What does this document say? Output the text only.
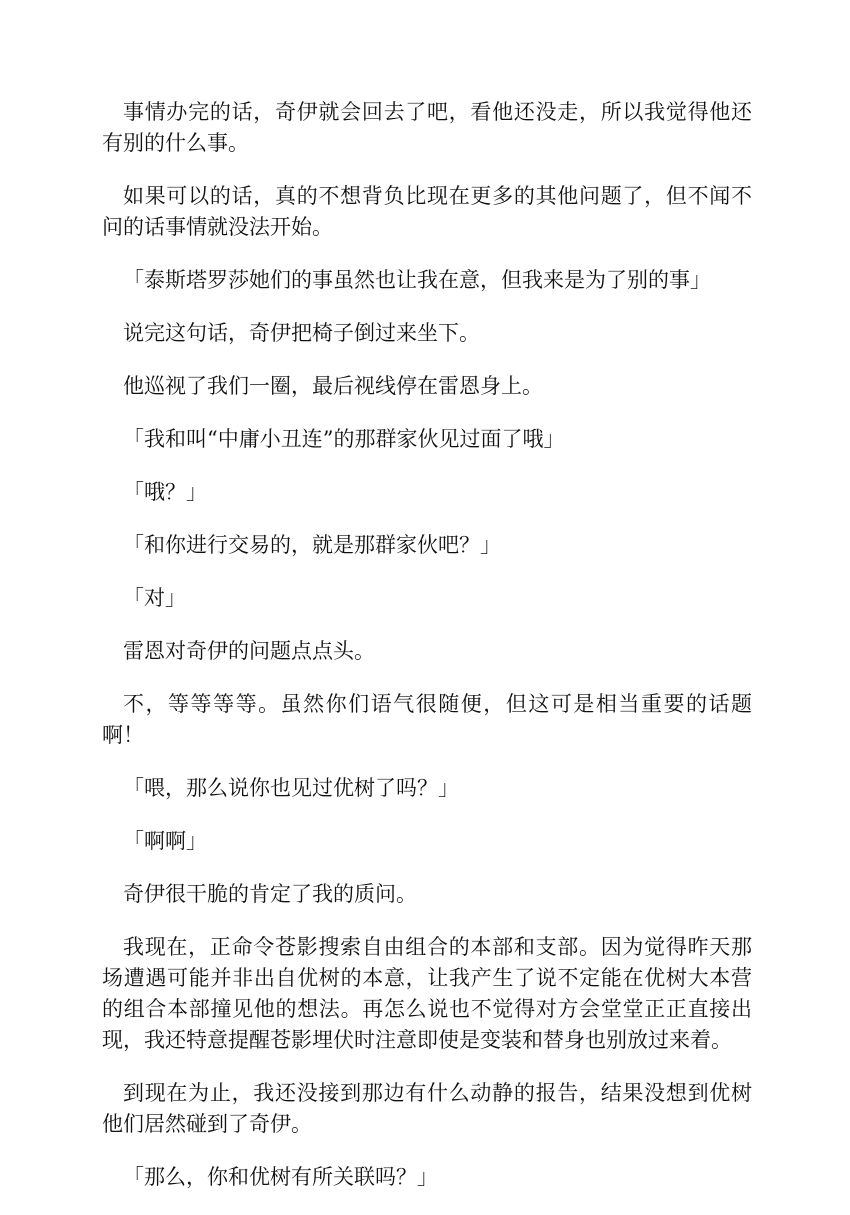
事情办完的话，奇伊就会回去了吧，看他还没走，所以我觉得他还有别的什么事。

如果可以的话，真的不想背负比现在更多的其他问题了，但不闻不问的话事情就没法开始。

「泰斯塔罗莎她们的事虽然也让我在意，但我来是为了别的事」

说完这句话，奇伊把椅子倒过来坐下。

他巡视了我们一圈，最后视线停在雷恩身上。

「我和叫“中庸小丑连”的那群家伙见过面了哦」

「哦？」

「和你进行交易的，就是那群家伙吧？」

「对」

雷恩对奇伊的问题点点头。

不，等等等等。虽然你们语气很随便，但这可是相当重要的话题啊！

「喂，那么说你也见过优树了吗？」

「啊啊」

奇伊很干脆的肯定了我的质问。

我现在，正命令苍影搜索自由组合的本部和支部。因为觉得昨天那场遭遇可能并非出自优树的本意，让我产生了说不定能在优树大本营的组合本部撞见他的想法。再怎么说也不觉得对方会堂堂正正直接出现，我还特意提醒苍影埋伏时注意即使是变装和替身也别放过来着。

到现在为止，我还没接到那边有什么动静的报告，结果没想到优树他们居然碰到了奇伊。

「那么，你和优树有所关联吗？」
